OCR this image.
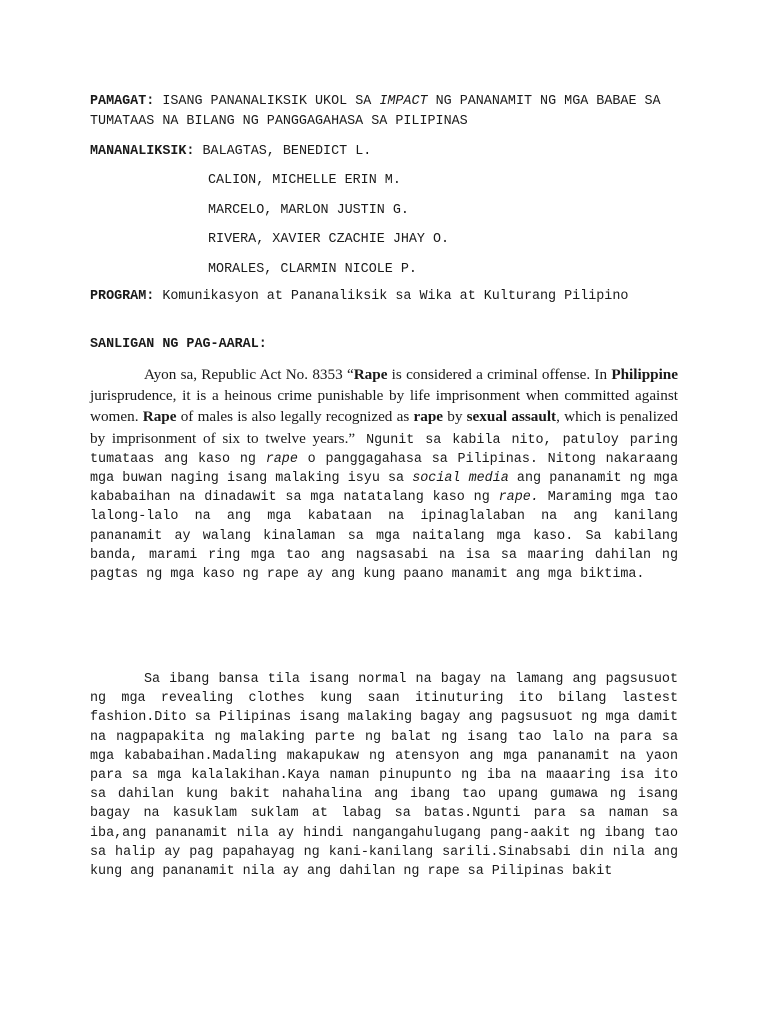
PAMAGAT: ISANG PANANALIKSIK UKOL SA IMPACT NG PANANAMIT NG MGA BABAE SA TUMATAAS NA BILANG NG PANGGAGAHASA SA PILIPINAS
MANANALIKSIK: BALAGTAS, BENEDICT L.
CALION, MICHELLE ERIN M.
MARCELO, MARLON JUSTIN G.
RIVERA, XAVIER CZACHIE JHAY O.
MORALES, CLARMIN NICOLE P.
PROGRAM: Komunikasyon at Pananaliksik sa Wika at Kulturang Pilipino
SANLIGAN NG PAG-AARAL:

Ayon sa, Republic Act No. 8353 “Rape is considered a criminal offense. In Philippine jurisprudence, it is a heinous crime punishable by life imprisonment when committed against women. Rape of males is also legally recognized as rape by sexual assault, which is penalized by imprisonment of six to twelve years.” Ngunit sa kabila nito, patuloy paring tumataas ang kaso ng rape o panggagahasa sa Pilipinas. Nitong nakaraang mga buwan naging isang malaking isyu sa social media ang pananamit ng mga kababaihan na dinadawit sa mga natatalang kaso ng rape. Maraming mga tao lalong-lalo na ang mga kabataan na ipinaglalaban na ang kanilang pananamit ay walang kinalaman sa mga naitalang mga kaso. Sa kabilang banda, marami ring mga tao ang nagsasabi na isa sa maaring dahilan ng pagtas ng mga kaso ng rape ay ang kung paano manamit ang mga biktima.

Sa ibang bansa tila isang normal na bagay na lamang ang pagsusuot ng mga revealing clothes kung saan itinuturing ito bilang lastest fashion.Dito sa Pilipinas isang malaking bagay ang pagsusuot ng mga damit na nagpapakita ng malaking parte ng balat ng isang tao lalo na para sa mga kababaihan.Madaling makapukaw ng atensyon ang mga pananamit na yaon para sa mga kalalakihan.Kaya naman pinupunto ng iba na maaaring isa ito sa dahilan kung bakit nahahalina ang ibang tao upang gumawa ng isang bagay na kasuklam suklam at labag sa batas.Ngunti para sa naman sa iba,ang pananamit nila ay hindi nangangahulugang pang-aakit ng ibang tao sa halip ay pag papahayag ng kani-kanilang sarili.Sinabsabi din nila ang kung ang pananamit nila ay ang dahilan ng rape sa Pilipinas bakit
